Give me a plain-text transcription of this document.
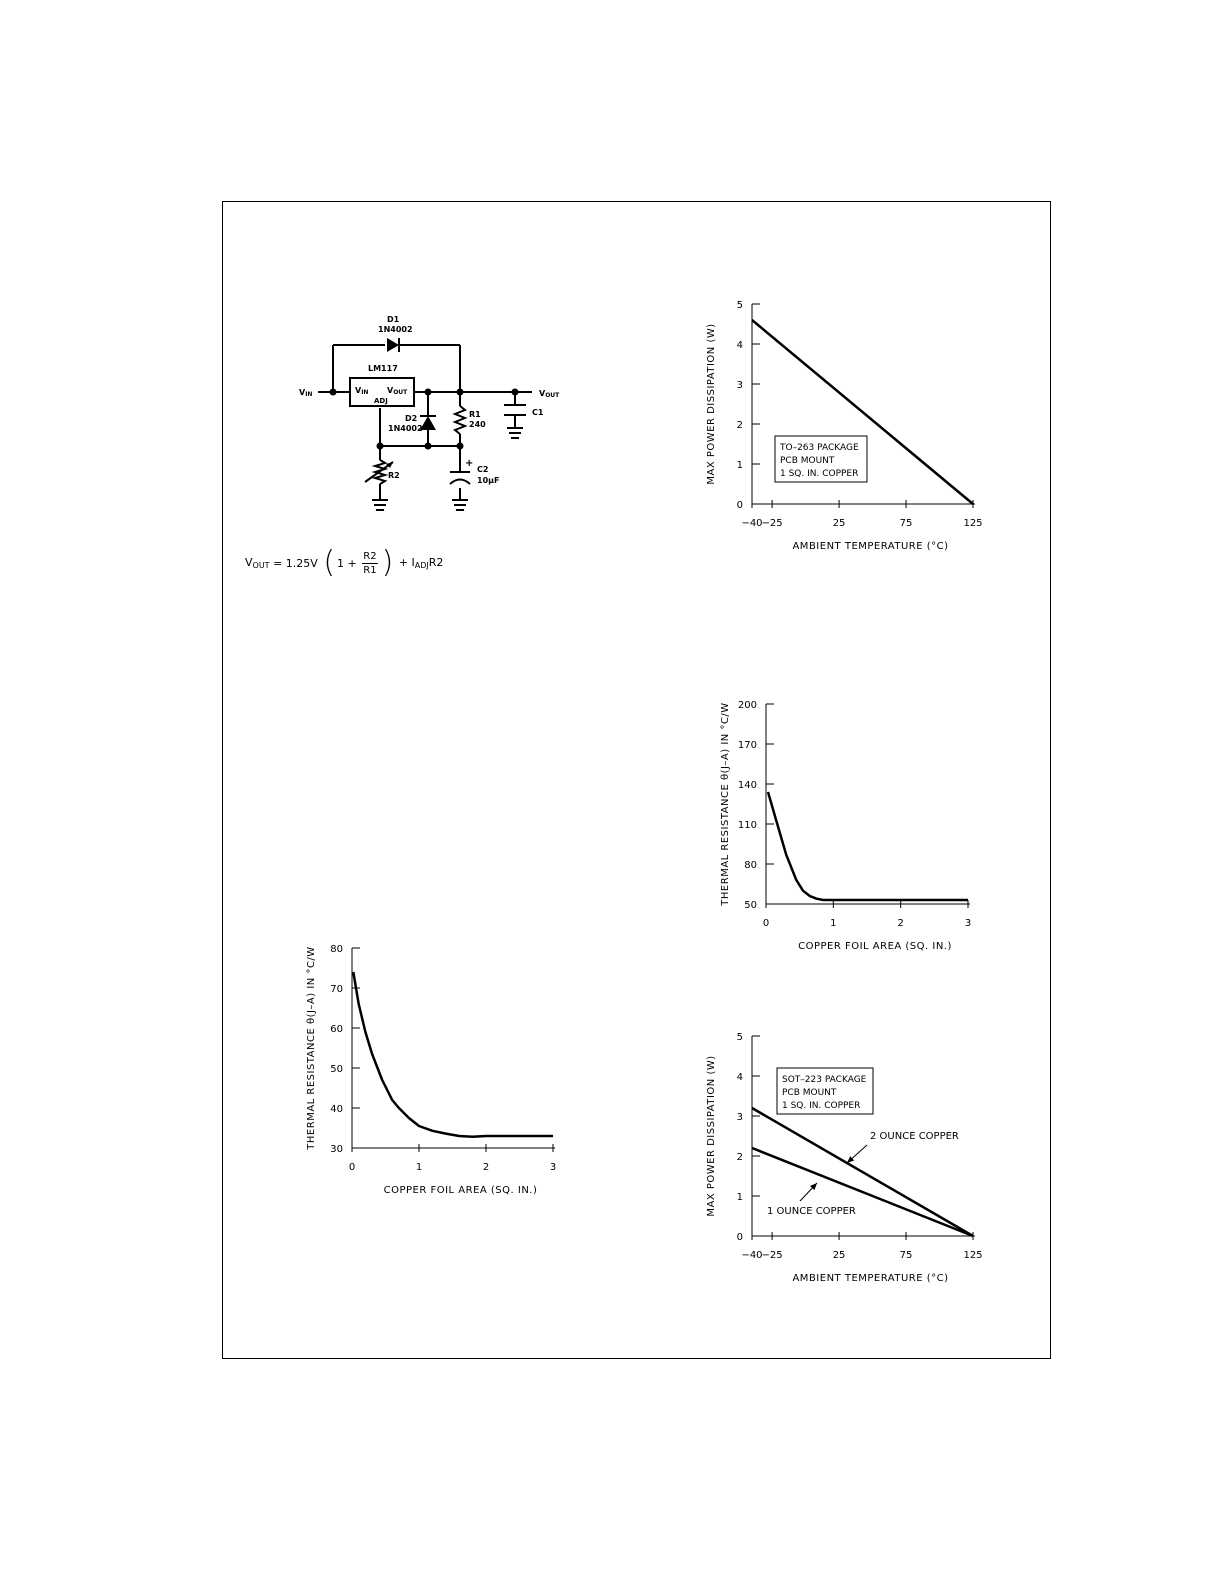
D1
1N4002
LM117
VIN VOUT
ADJ
VIN	VOUT
D2
1N4002
R1
240
C1
R2
+
C2
10µF
$V_{OUT} = 1.25V$ ( $1 + \frac{R2}{R1}$ ) + $I_{ADJ}R2$
0
1
2
3
4
5
−40
−25	25	75	125
AMBIENT TEMPERATURE (°C)
MAX POWER DISSIPATION (W)	TO–263 PACKAGE
PCB MOUNT
1 SQ. IN. COPPER
50
80
110
140
170
200
0	1	2	3
COPPER FOIL AREA (SQ. IN.)
THERMAL RESISTANCE θ(J–A) IN °C/W
30
40
50
60
70
80
0	1	2	3
COPPER FOIL AREA (SQ. IN.)
THERMAL RESISTANCE θ(J–A) IN °C/W
0
1
2
3
4
5
−40
−25	25	75	125
AMBIENT TEMPERATURE (°C)
MAX POWER DISSIPATION (W)	SOT–223 PACKAGE
PCB MOUNT
1 SQ. IN. COPPER
2 OUNCE COPPER
1 OUNCE COPPER
